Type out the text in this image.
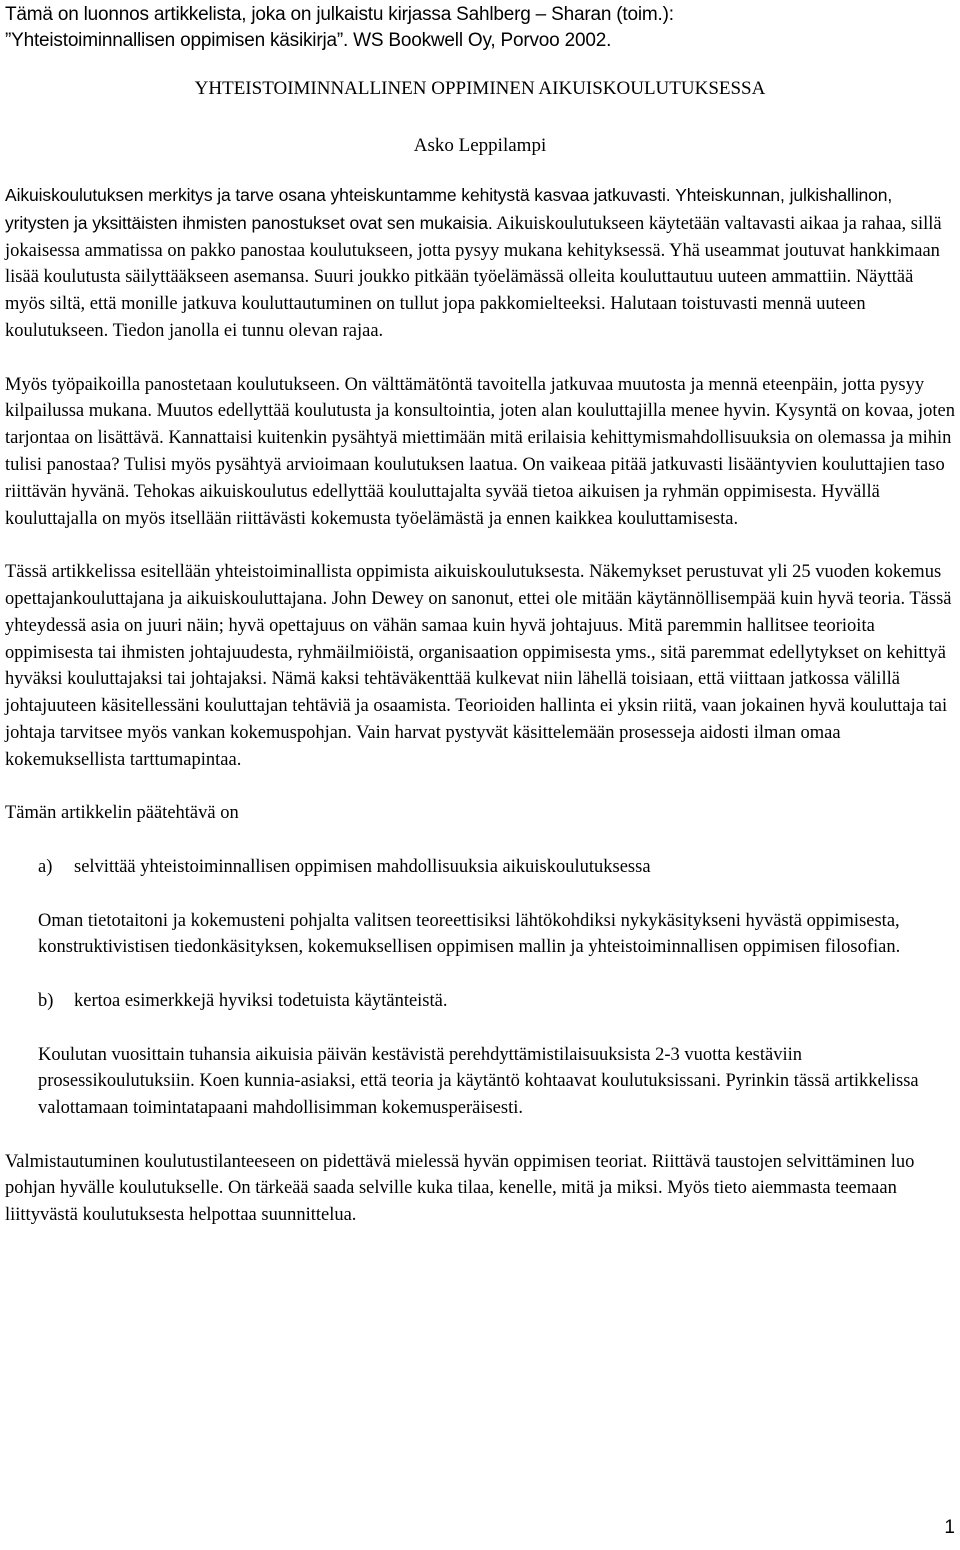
Tämä on luonnos artikkelista, joka on julkaistu kirjassa Sahlberg – Sharan (toim.):
”Yhteistoiminnallisen oppimisen käsikirja”. WS Bookwell Oy, Porvoo 2002.
YHTEISTOIMINNALLINEN OPPIMINEN AIKUISKOULUTUKSESSA
Asko Leppilampi

Aikuiskoulutuksen merkitys ja tarve osana yhteiskuntamme kehitystä kasvaa jatkuvasti. Yhteiskunnan, julkishallinon, yritysten ja yksittäisten ihmisten panostukset ovat sen mukaisia. Aikuiskoulutukseen käytetään valtavasti aikaa ja rahaa, sillä jokaisessa ammatissa on pakko panostaa koulutukseen, jotta pysyy mukana kehityksessä. Yhä useammat joutuvat hankkimaan lisää koulutusta säilyttääkseen asemansa. Suuri joukko pitkään työelämässä olleita kouluttautuu uuteen ammattiin. Näyttää myös siltä, että monille jatkuva kouluttautuminen on tullut jopa pakkomielteeksi. Halutaan toistuvasti mennä uuteen koulutukseen. Tiedon janolla ei tunnu olevan rajaa.

Myös työpaikoilla panostetaan koulutukseen. On välttämätöntä tavoitella jatkuvaa muutosta ja mennä eteenpäin, jotta pysyy kilpailussa mukana. Muutos edellyttää koulutusta ja konsultointia, joten alan kouluttajilla menee hyvin. Kysyntä on kovaa, joten tarjontaa on lisättävä. Kannattaisi kuitenkin pysähtyä miettimään mitä erilaisia kehittymismahdollisuuksia on olemassa ja mihin tulisi panostaa? Tulisi myös pysähtyä arvioimaan koulutuksen laatua. On vaikeaa pitää jatkuvasti lisääntyvien kouluttajien taso riittävän hyvänä. Tehokas aikuiskoulutus edellyttää kouluttajalta syvää tietoa aikuisen ja ryhmän oppimisesta. Hyvällä kouluttajalla on myös itsellään riittävästi kokemusta työelämästä ja ennen kaikkea kouluttamisesta.

Tässä artikkelissa esitellään yhteistoiminallista oppimista aikuiskoulutuksesta. Näkemykset perustuvat yli 25 vuoden kokemus opettajankouluttajana ja aikuiskouluttajana. John Dewey on sanonut, ettei ole mitään käytännöllisempää kuin hyvä teoria. Tässä yhteydessä asia on juuri näin; hyvä opettajuus on vähän samaa kuin hyvä johtajuus. Mitä paremmin hallitsee teorioita oppimisesta tai ihmisten johtajuudesta, ryhmäilmiöistä, organisaation oppimisesta yms., sitä paremmat edellytykset on kehittyä hyväksi kouluttajaksi tai johtajaksi. Nämä kaksi tehtäväkenttää kulkevat niin lähellä toisiaan, että viittaan jatkossa välillä johtajuuteen käsitellessäni kouluttajan tehtäviä ja osaamista. Teorioiden hallinta ei yksin riitä, vaan jokainen hyvä kouluttaja tai johtaja tarvitsee myös vankan kokemuspohjan. Vain harvat pystyvät käsittelemään prosesseja aidosti ilman omaa kokemuksellista tarttumapintaa.

Tämän artikkelin päätehtävä on

a)	selvittää yhteistoiminnallisen oppimisen mahdollisuuksia aikuiskoulutuksessa

Oman tietotaitoni ja kokemusteni pohjalta valitsen teoreettisiksi lähtökohdiksi nykykäsitykseni hyvästä oppimisesta, konstruktivistisen tiedonkäsityksen, kokemuksellisen oppimisen mallin ja yhteistoiminnallisen oppimisen filosofian.

b)	kertoa esimerkkejä hyviksi todetuista käytänteistä.

Koulutan vuosittain tuhansia aikuisia päivän kestävistä perehdyttämistilaisuuksista 2-3 vuotta kestäviin prosessikoulutuksiin. Koen kunnia-asiaksi, että teoria ja käytäntö kohtaavat koulutuksissani. Pyrinkin tässä artikkelissa valottamaan toimintatapaani mahdollisimman kokemusperäisesti.

Valmistautuminen koulutustilanteeseen on pidettävä mielessä hyvän oppimisen teoriat. Riittävä taustojen selvittäminen luo pohjan hyvälle koulutukselle. On tärkeää saada selville kuka tilaa, kenelle, mitä ja miksi. Myös tieto aiemmasta teemaan liittyvästä koulutuksesta helpottaa suunnittelua.

1
